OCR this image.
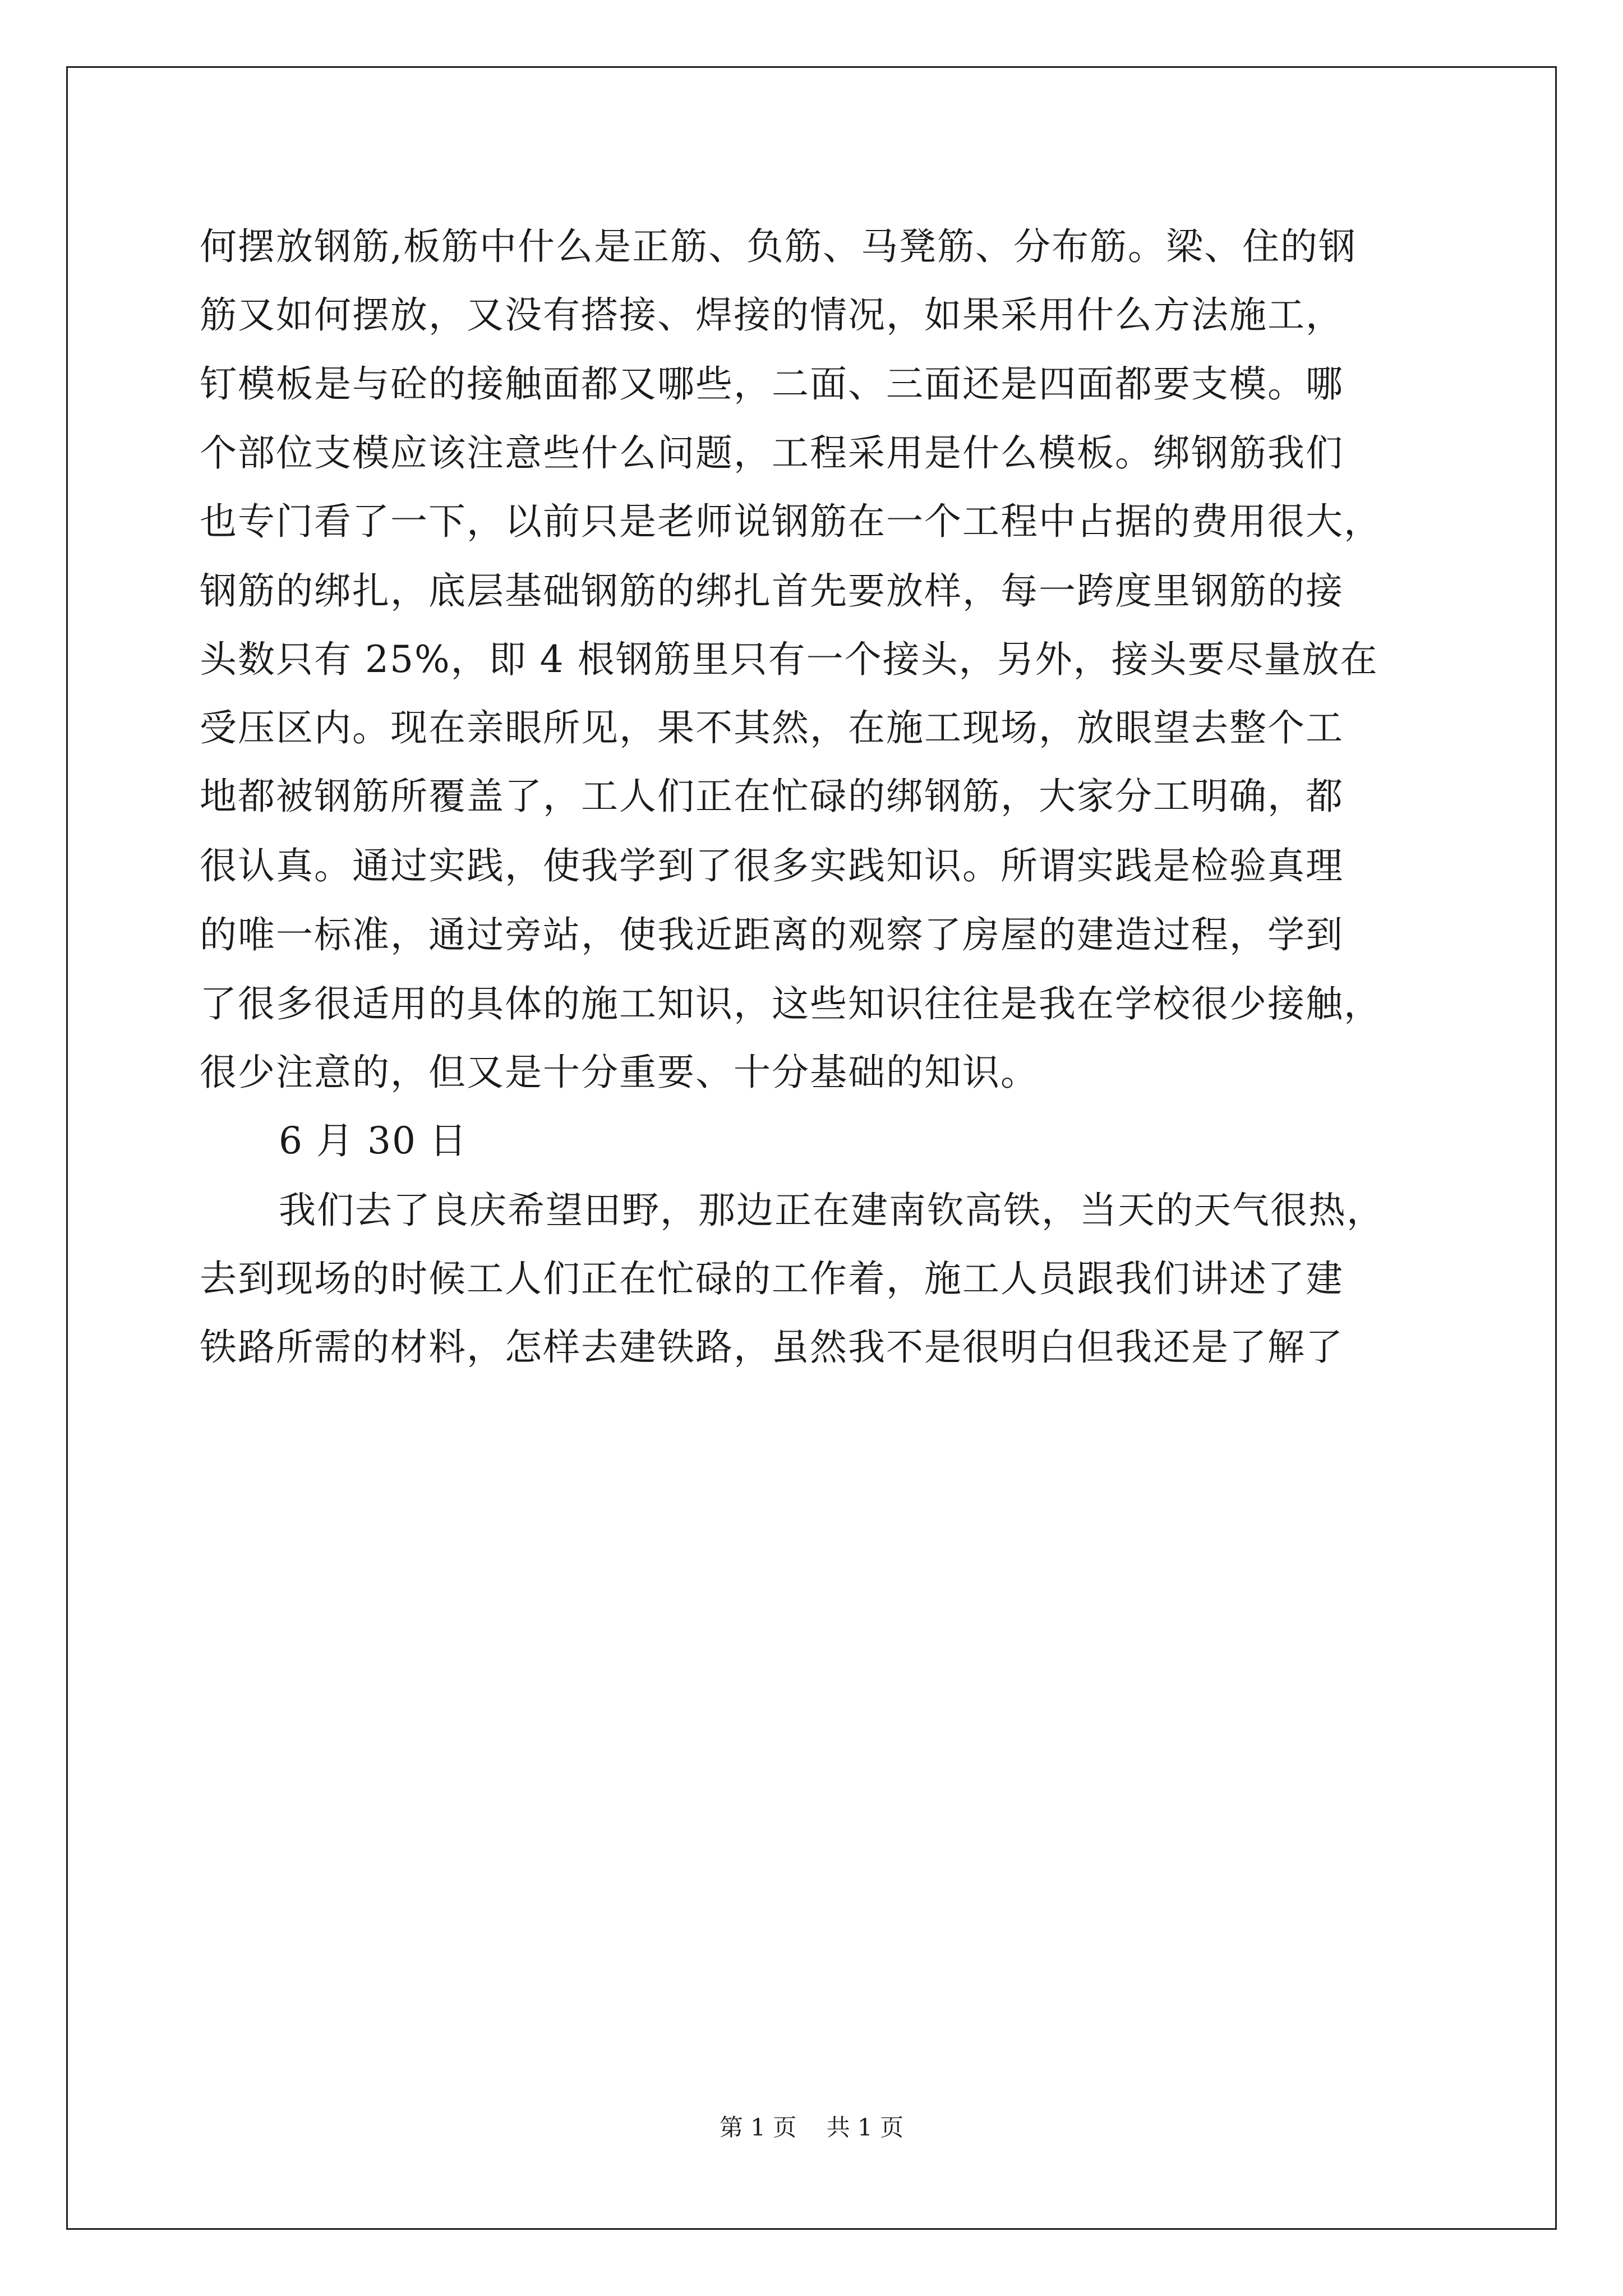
何摆放钢筋,板筋中什么是正筋、负筋、马凳筋、分布筋。梁、住的钢
筋又如何摆放，又没有搭接、焊接的情况，如果采用什么方法施工，
钉模板是与砼的接触面都又哪些，二面、三面还是四面都要支模。哪
个部位支模应该注意些什么问题，工程采用是什么模板。绑钢筋我们
也专门看了一下，以前只是老师说钢筋在一个工程中占据的费用很大，
钢筋的绑扎，底层基础钢筋的绑扎首先要放样，每一跨度里钢筋的接
头数只有 25%，即 4 根钢筋里只有一个接头，另外，接头要尽量放在
受压区内。现在亲眼所见，果不其然，在施工现场，放眼望去整个工
地都被钢筋所覆盖了，工人们正在忙碌的绑钢筋，大家分工明确，都
很认真。通过实践，使我学到了很多实践知识。所谓实践是检验真理
的唯一标准，通过旁站，使我近距离的观察了房屋的建造过程，学到
了很多很适用的具体的施工知识，这些知识往往是我在学校很少接触，
很少注意的，但又是十分重要、十分基础的知识。
6 月 30 日
我们去了良庆希望田野，那边正在建南钦高铁，当天的天气很热，
去到现场的时候工人们正在忙碌的工作着，施工人员跟我们讲述了建
铁路所需的材料，怎样去建铁路，虽然我不是很明白但我还是了解了
第 1 页    共 1 页
